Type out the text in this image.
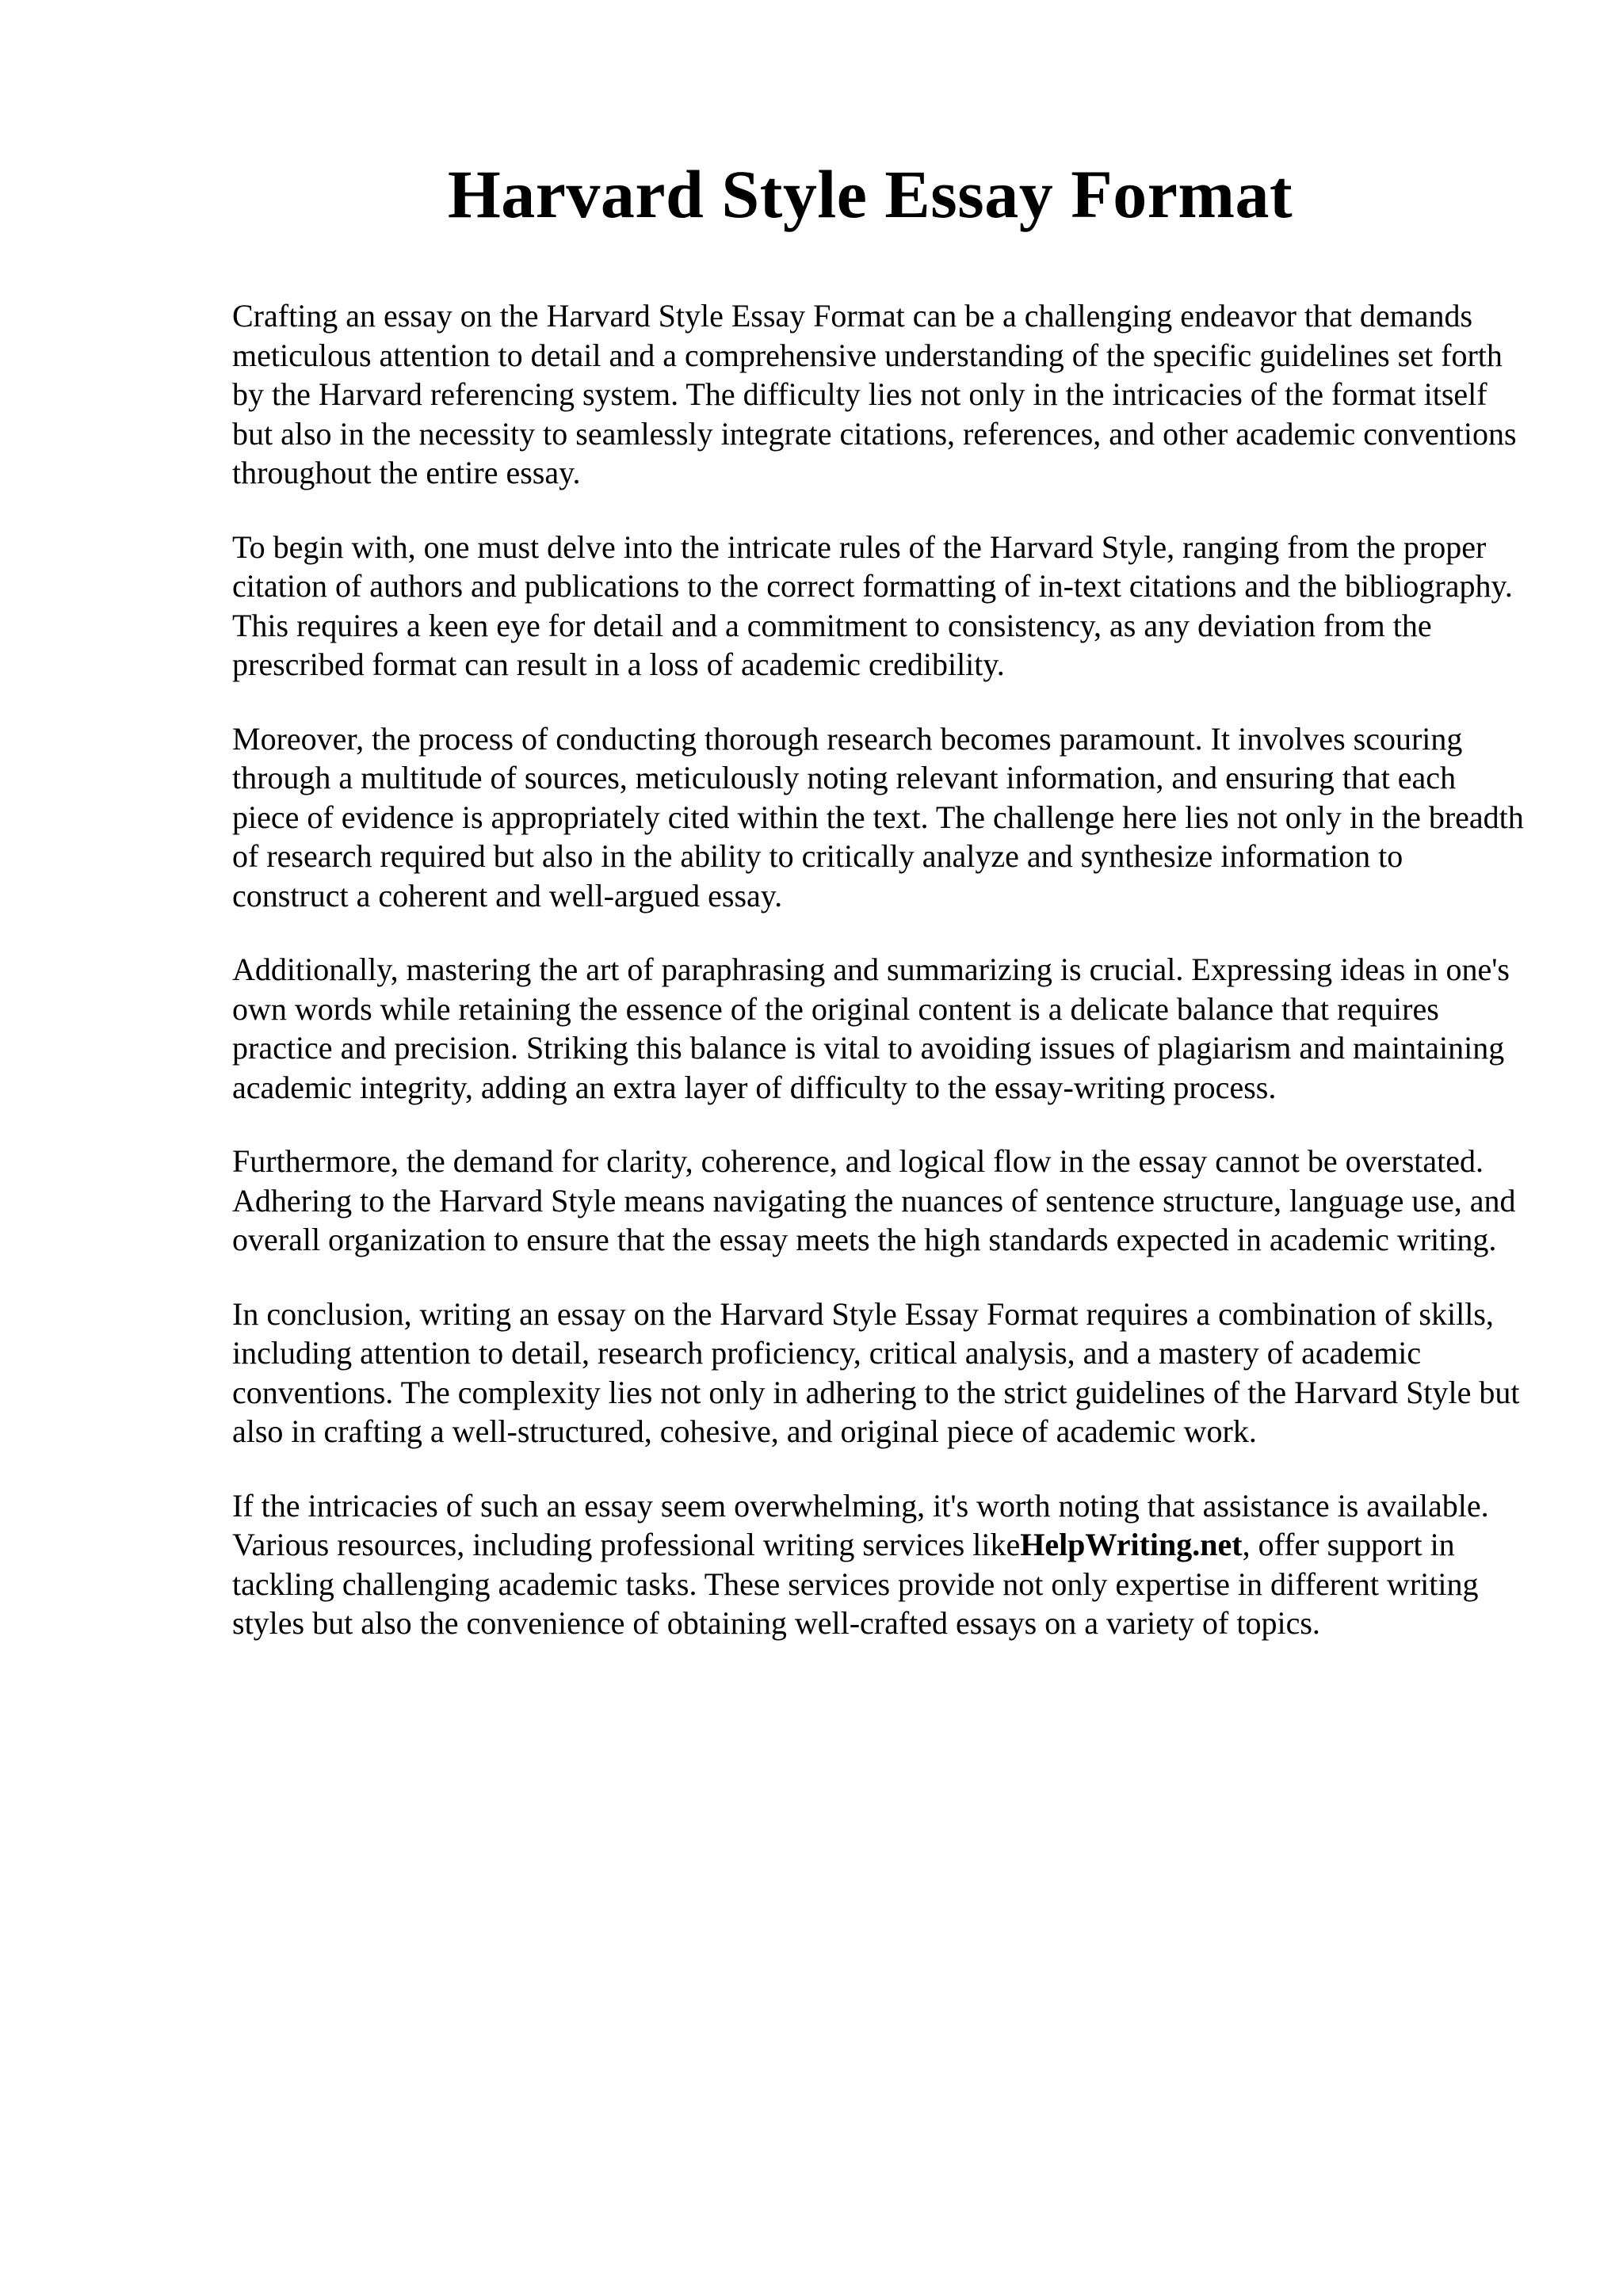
Harvard Style Essay Format

Crafting an essay on the Harvard Style Essay Format can be a challenging endeavor that demands meticulous attention to detail and a comprehensive understanding of the specific guidelines set forth by the Harvard referencing system. The difficulty lies not only in the intricacies of the format itself but also in the necessity to seamlessly integrate citations, references, and other academic conventions throughout the entire essay.

To begin with, one must delve into the intricate rules of the Harvard Style, ranging from the proper citation of authors and publications to the correct formatting of in-text citations and the bibliography. This requires a keen eye for detail and a commitment to consistency, as any deviation from the prescribed format can result in a loss of academic credibility.

Moreover, the process of conducting thorough research becomes paramount. It involves scouring through a multitude of sources, meticulously noting relevant information, and ensuring that each piece of evidence is appropriately cited within the text. The challenge here lies not only in the breadth of research required but also in the ability to critically analyze and synthesize information to construct a coherent and well-argued essay.

Additionally, mastering the art of paraphrasing and summarizing is crucial. Expressing ideas in one's own words while retaining the essence of the original content is a delicate balance that requires practice and precision. Striking this balance is vital to avoiding issues of plagiarism and maintaining academic integrity, adding an extra layer of difficulty to the essay-writing process.

Furthermore, the demand for clarity, coherence, and logical flow in the essay cannot be overstated. Adhering to the Harvard Style means navigating the nuances of sentence structure, language use, and overall organization to ensure that the essay meets the high standards expected in academic writing.

In conclusion, writing an essay on the Harvard Style Essay Format requires a combination of skills, including attention to detail, research proficiency, critical analysis, and a mastery of academic conventions. The complexity lies not only in adhering to the strict guidelines of the Harvard Style but also in crafting a well-structured, cohesive, and original piece of academic work.

If the intricacies of such an essay seem overwhelming, it's worth noting that assistance is available. Various resources, including professional writing services likeHelpWriting.net, offer support in tackling challenging academic tasks. These services provide not only expertise in different writing styles but also the convenience of obtaining well-crafted essays on a variety of topics.
